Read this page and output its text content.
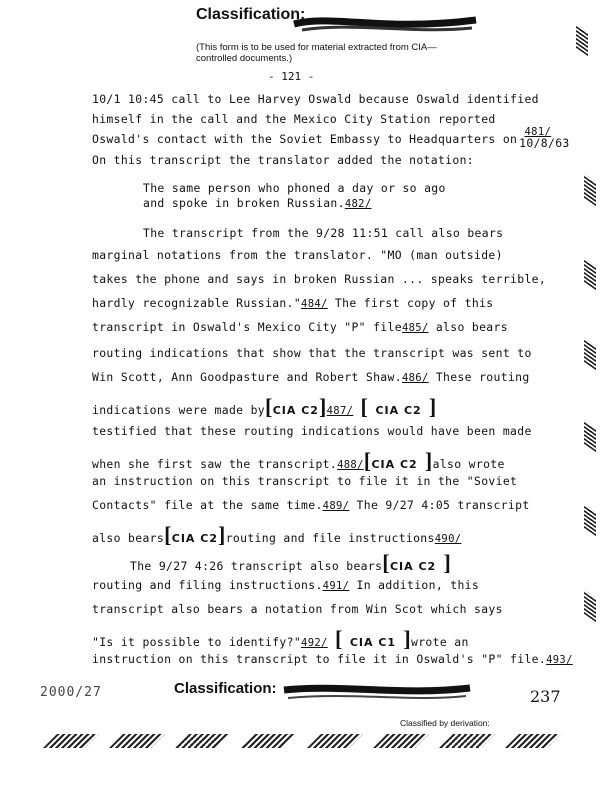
Classification:
(This form is to be used for material extracted from CIA—controlled documents.)
- 121 -
10/1 10:45 call to Lee Harvey Oswald because Oswald identified
himself in the call and the Mexico City Station reported
Oswald's contact with the Soviet Embassy to Headquarters on 481/10/8/63
On this transcript the translator added the notation:
The same person who phoned a day or so ago
and spoke in broken Russian.482/
The transcript from the 9/28 11:51 call also bears
marginal notations from the translator. "MO (man outside)
takes the phone and says in broken Russian ... speaks terrible,
hardly recognizable Russian."484/ The first copy of this
transcript in Oswald's Mexico City "P" file485/ also bears
routing indications that show that the transcript was sent to
Win Scott, Ann Goodpasture and Robert Shaw.486/ These routing
indications were made by[CIA C2]487/ [ CIA C2 ]
testified that these routing indications would have been made
when she first saw the transcript.488/[CIA C2 ]also wrote
an instruction on this transcript to file it in the "Soviet
Contacts" file at the same time.489/ The 9/27 4:05 transcript
also bears[CIA C2]routing and file instructions490/
The 9/27 4:26 transcript also bears[CIA C2 ]
routing and filing instructions.491/ In addition, this
transcript also bears a notation from Win Scot which says
"Is it possible to identify?"492/ [ CIA C1 ]wrote an
instruction on this transcript to file it in Oswald's "P" file.493/
2000/27	Classification:	237
Classified by derivation:
